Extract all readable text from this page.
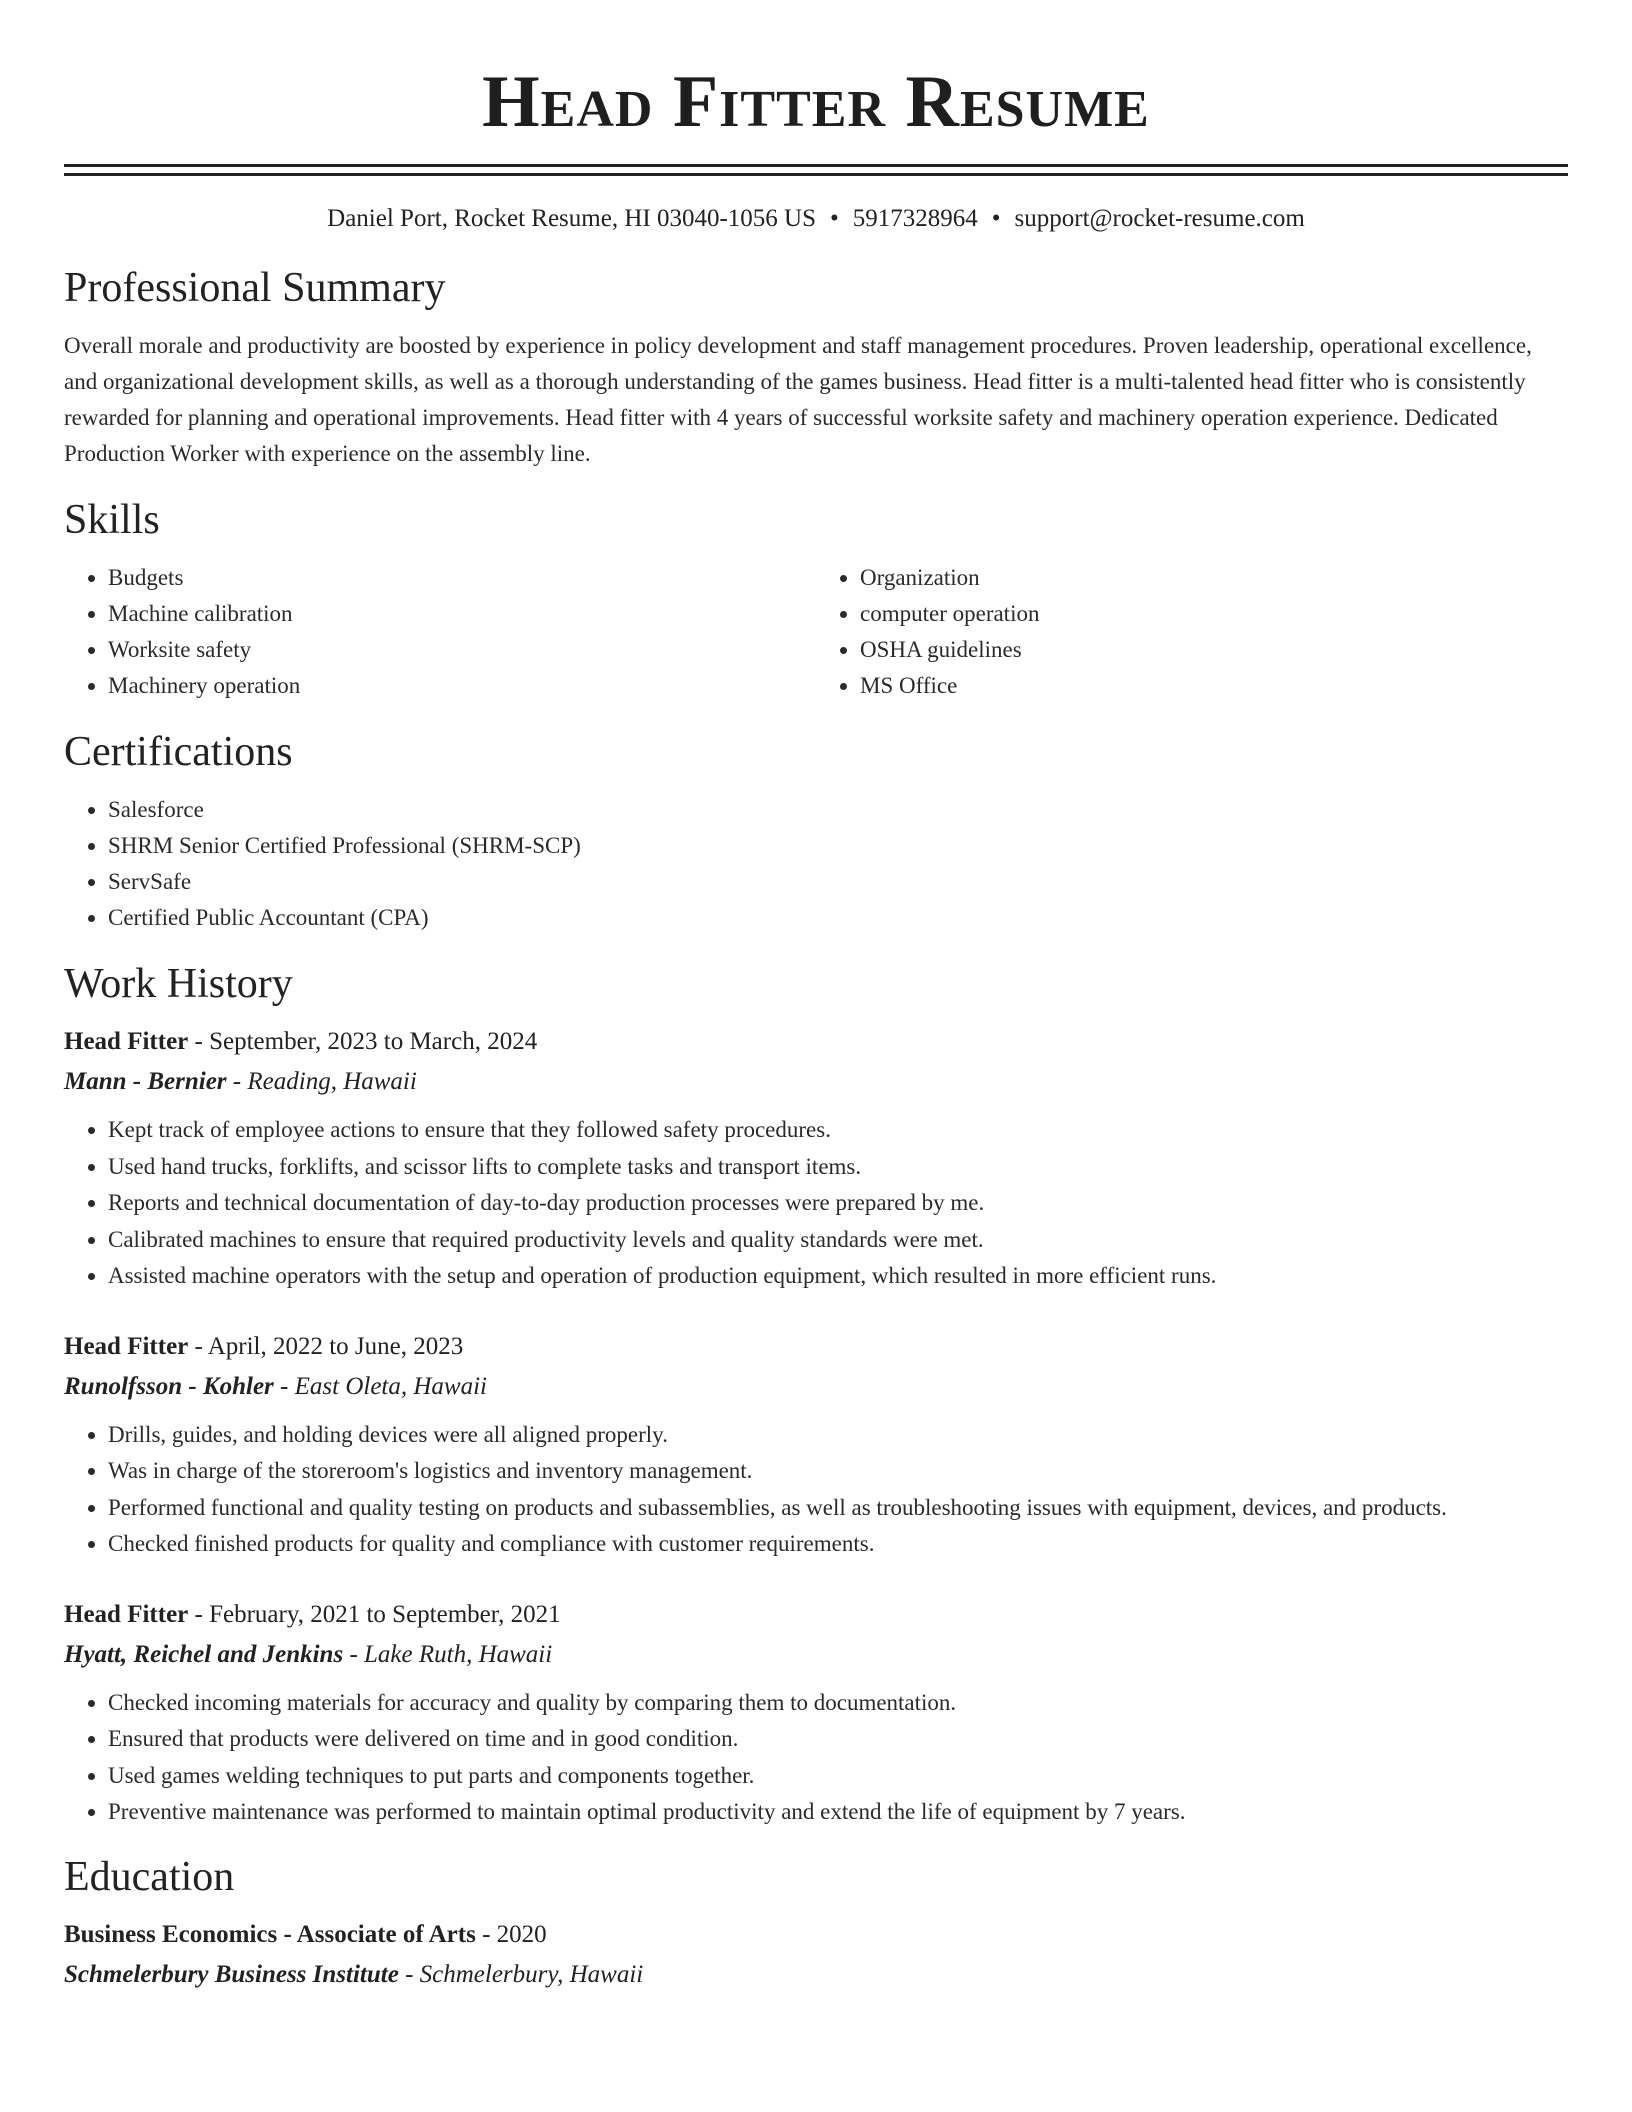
Head Fitter Resume
Daniel Port, Rocket Resume, HI 03040-1056 US • 5917328964 • support@rocket-resume.com
Professional Summary

Overall morale and productivity are boosted by experience in policy development and staff management procedures. Proven leadership, operational excellence, and organizational development skills, as well as a thorough understanding of the games business. Head fitter is a multi-talented head fitter who is consistently rewarded for planning and operational improvements. Head fitter with 4 years of successful worksite safety and machinery operation experience. Dedicated Production Worker with experience on the assembly line.

Skills
• Budgets
• Machine calibration
• Worksite safety
• Machinery operation
• Organization
• computer operation
• OSHA guidelines
• MS Office
Certifications
• Salesforce
• SHRM Senior Certified Professional (SHRM-SCP)
• ServSafe
• Certified Public Accountant (CPA)
Work History
Head Fitter - September, 2023 to March, 2024
Mann - Bernier - Reading, Hawaii
• Kept track of employee actions to ensure that they followed safety procedures.
• Used hand trucks, forklifts, and scissor lifts to complete tasks and transport items.
• Reports and technical documentation of day-to-day production processes were prepared by me.
• Calibrated machines to ensure that required productivity levels and quality standards were met.
• Assisted machine operators with the setup and operation of production equipment, which resulted in more efficient runs.
Head Fitter - April, 2022 to June, 2023
Runolfsson - Kohler - East Oleta, Hawaii
• Drills, guides, and holding devices were all aligned properly.
• Was in charge of the storeroom's logistics and inventory management.
• Performed functional and quality testing on products and subassemblies, as well as troubleshooting issues with equipment, devices, and products.
• Checked finished products for quality and compliance with customer requirements.
Head Fitter - February, 2021 to September, 2021
Hyatt, Reichel and Jenkins - Lake Ruth, Hawaii
• Checked incoming materials for accuracy and quality by comparing them to documentation.
• Ensured that products were delivered on time and in good condition.
• Used games welding techniques to put parts and components together.
• Preventive maintenance was performed to maintain optimal productivity and extend the life of equipment by 7 years.
Education
Business Economics - Associate of Arts - 2020
Schmelerbury Business Institute - Schmelerbury, Hawaii
